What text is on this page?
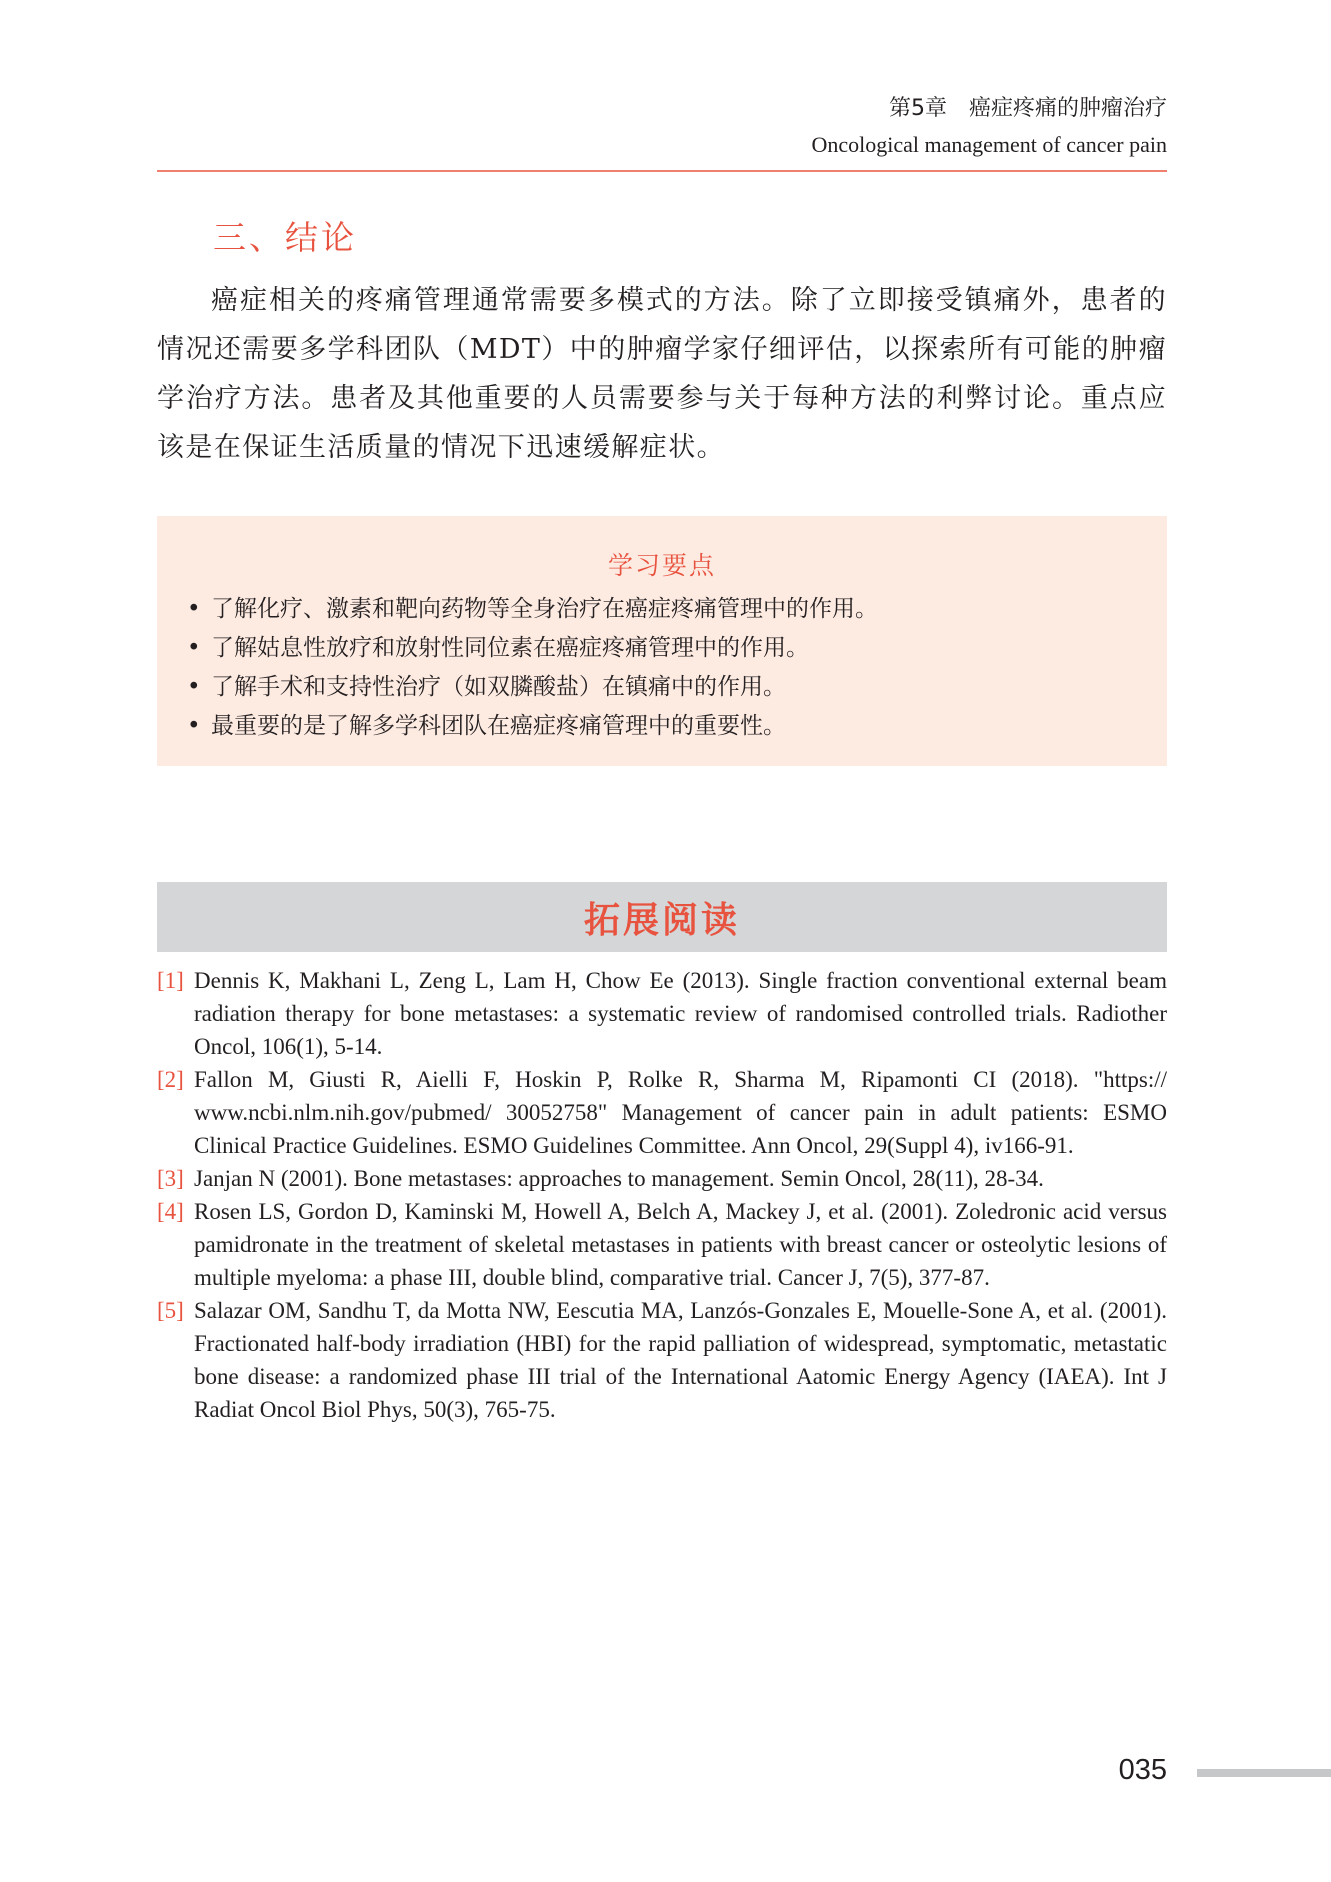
第5章 癌症疼痛的肿瘤治疗
Oncological management of cancer pain
三、结论

癌症相关的疼痛管理通常需要多模式的方法。除了立即接受镇痛外，患者的情况还需要多学科团队（MDT）中的肿瘤学家仔细评估，以探索所有可能的肿瘤学治疗方法。患者及其他重要的人员需要参与关于每种方法的利弊讨论。重点应该是在保证生活质量的情况下迅速缓解症状。

学习要点
• 了解化疗、激素和靶向药物等全身治疗在癌症疼痛管理中的作用。
• 了解姑息性放疗和放射性同位素在癌症疼痛管理中的作用。
• 了解手术和支持性治疗（如双膦酸盐）在镇痛中的作用。
• 最重要的是了解多学科团队在癌症疼痛管理中的重要性。
拓展阅读
[1] Dennis K, Makhani L, Zeng L, Lam H, Chow Ee (2013). Single fraction conventional external beam radiation therapy for bone metastases: a systematic review of randomised controlled trials. Radiother Oncol, 106(1), 5-14.
[2] Fallon M, Giusti R, Aielli F, Hoskin P, Rolke R, Sharma M, Ripamonti CI (2018). "https:// www.ncbi.nlm.nih.gov/pubmed/ 30052758" Management of cancer pain in adult patients: ESMO Clinical Practice Guidelines. ESMO Guidelines Committee. Ann Oncol, 29(Suppl 4), iv166-91.
[3] Janjan N (2001). Bone metastases: approaches to management. Semin Oncol, 28(11), 28-34.
[4] Rosen LS, Gordon D, Kaminski M, Howell A, Belch A, Mackey J, et al. (2001). Zoledronic acid versus pamidronate in the treatment of skeletal metastases in patients with breast cancer or osteolytic lesions of multiple myeloma: a phase III, double blind, comparative trial. Cancer J, 7(5), 377-87.
[5] Salazar OM, Sandhu T, da Motta NW, Eescutia MA, Lanzós-Gonzales E, Mouelle-Sone A, et al. (2001). Fractionated half-body irradiation (HBI) for the rapid palliation of widespread, symptomatic, metastatic bone disease: a randomized phase III trial of the International Aatomic Energy Agency (IAEA). Int J Radiat Oncol Biol Phys, 50(3), 765-75.
035
